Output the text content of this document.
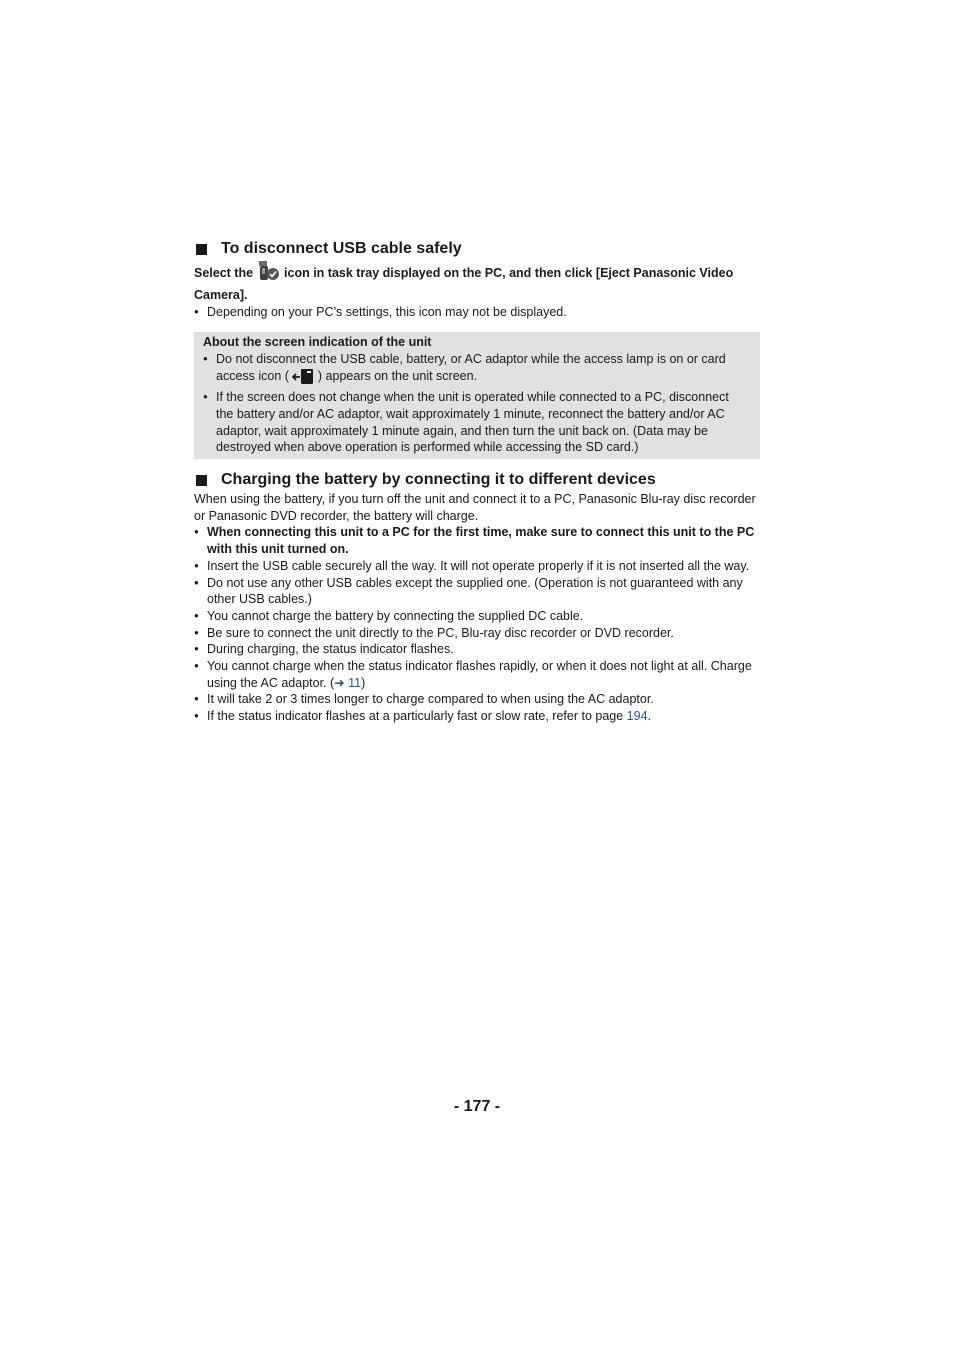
To disconnect USB cable safely
Select the icon in task tray displayed on the PC, and then click [Eject Panasonic Video Camera].
● Depending on your PC’s settings, this icon may not be displayed.
About the screen indication of the unit
● Do not disconnect the USB cable, battery, or AC adaptor while the access lamp is on or card access icon ( ) appears on the unit screen.
● If the screen does not change when the unit is operated while connected to a PC, disconnect the battery and/or AC adaptor, wait approximately 1 minute, reconnect the battery and/or AC adaptor, wait approximately 1 minute again, and then turn the unit back on. (Data may be destroyed when above operation is performed while accessing the SD card.)
Charging the battery by connecting it to different devices
When using the battery, if you turn off the unit and connect it to a PC, Panasonic Blu-ray disc recorder or Panasonic DVD recorder, the battery will charge.
● When connecting this unit to a PC for the first time, make sure to connect this unit to the PC with this unit turned on.
● Insert the USB cable securely all the way. It will not operate properly if it is not inserted all the way.
● Do not use any other USB cables except the supplied one. (Operation is not guaranteed with any other USB cables.)
● You cannot charge the battery by connecting the supplied DC cable.
● Be sure to connect the unit directly to the PC, Blu-ray disc recorder or DVD recorder.
● During charging, the status indicator flashes.
● You cannot charge when the status indicator flashes rapidly, or when it does not light at all. Charge using the AC adaptor. (➜ 11)
● It will take 2 or 3 times longer to charge compared to when using the AC adaptor.
● If the status indicator flashes at a particularly fast or slow rate, refer to page 194.
- 177 -
